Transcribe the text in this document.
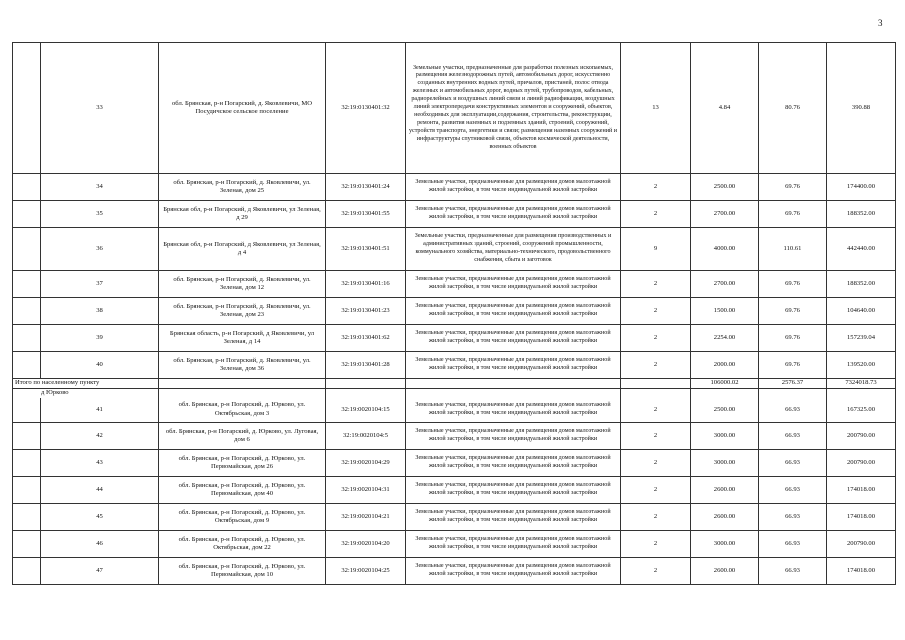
3
	33	обл. Брянская, р-н Погарский, д. Яковлевичи, МО Посудичское сельское поселение	32:19:0130401:32	Земельные участки, предназначенные для разработки полезных ископаемых, размещения железнодорожных путей, автомобильных дорог, искусственно созданных внутренних водных путей, причалов, пристаней, полос отвода железных и автомобильных дорог, водных путей, трубопроводов, кабельных, радиорелейных и воздушных линий связи и линий радиофикации, воздушных линий электропередачи конструктивных элементов и сооружений, объектов, необходимых для эксплуатации,содержания, строительства, реконструкции, ремонта, развития наземных и подземных зданий, строений, сооружений, устройств транспорта, энергетики и связи; размещения наземных сооружений и инфраструктуры спутниковой связи, объектов космической деятельности, военных объектов	13	4.84	80.76	390.88
	34	обл. Брянская, р-н Погарский, д. Яковлевичи, ул. Зеленая, дом 25	32:19:0130401:24	Земельные участки, предназначенные для размещения домов малоэтажной жилой застройки, в том числе индивидуальной жилой застройки	2	2500.00	69.76	174400.00
	35	Брянская обл, р-н Погарский, д Яковлевичи, ул Зеленая, д 29	32:19:0130401:55	Земельные участки, предназначенные для размещения домов малоэтажной жилой застройки, в том числе индивидуальной жилой застройки	2	2700.00	69.76	188352.00
	36	Брянская обл, р-н Погарский, д Яковлевичи, ул Зеленая, д 4	32:19:0130401:51	Земельные участки, предназначенные для размещения производственных и административных зданий, строений, сооружений промышленности, коммунального хозяйства, материально-технического, продовольственного снабжения, сбыта и заготовок	9	4000.00	110.61	442440.00
	37	обл. Брянская, р-н Погарский, д. Яковлевичи, ул. Зеленая, дом 12	32:19:0130401:16	Земельные участки, предназначенные для размещения домов малоэтажной жилой застройки, в том числе индивидуальной жилой застройки	2	2700.00	69.76	188352.00
	38	обл. Брянская, р-н Погарский, д. Яковлевичи, ул. Зеленая, дом 23	32:19:0130401:23	Земельные участки, предназначенные для размещения домов малоэтажной жилой застройки, в том числе индивидуальной жилой застройки	2	1500.00	69.76	104640.00
	39	Брянская область, р-н Погарский, д Яковлевичи, ул Зеленая, д 14	32:19:0130401:62	Земельные участки, предназначенные для размещения домов малоэтажной жилой застройки, в том числе индивидуальной жилой застройки	2	2254.00	69.76	157239.04
	40	обл. Брянская, р-н Погарский, д. Яковлевичи, ул. Зеленая, дом 36	32:19:0130401:28	Земельные участки, предназначенные для размещения домов малоэтажной жилой застройки, в том числе индивидуальной жилой застройки	2	2000.00	69.76	139520.00
Итого по населенному пункту						106000.02	2576.37	7324018.73
д Юрково								
	41	обл. Брянская, р-н Погарский, д. Юрково, ул. Октябрьская, дом 3	32:19:0020104:15	Земельные участки, предназначенные для размещения домов малоэтажной жилой застройки, в том числе индивидуальной жилой застройки	2	2500.00	66.93	167325.00
	42	обл. Брянская, р-н Погарский, д. Юрково, ул. Луговая, дом 6	32:19:0020104:5	Земельные участки, предназначенные для размещения домов малоэтажной жилой застройки, в том числе индивидуальной жилой застройки	2	3000.00	66.93	200790.00
	43	обл. Брянская, р-н Погарский, д. Юрково, ул. Первомайская, дом 26	32:19:0020104:29	Земельные участки, предназначенные для размещения домов малоэтажной жилой застройки, в том числе индивидуальной жилой застройки	2	3000.00	66.93	200790.00
	44	обл. Брянская, р-н Погарский, д. Юрково, ул. Первомайская, дом 40	32:19:0020104:31	Земельные участки, предназначенные для размещения домов малоэтажной жилой застройки, в том числе индивидуальной жилой застройки	2	2600.00	66.93	174018.00
	45	обл. Брянская, р-н Погарский, д. Юрково, ул. Октябрьская, дом 9	32:19:0020104:21	Земельные участки, предназначенные для размещения домов малоэтажной жилой застройки, в том числе индивидуальной жилой застройки	2	2600.00	66.93	174018.00
	46	обл. Брянская, р-н Погарский, д. Юрково, ул. Октябрьская, дом 22	32:19:0020104:20	Земельные участки, предназначенные для размещения домов малоэтажной жилой застройки, в том числе индивидуальной жилой застройки	2	3000.00	66.93	200790.00
	47	обл. Брянская, р-н Погарский, д. Юрково, ул. Первомайская, дом 10	32:19:0020104:25	Земельные участки, предназначенные для размещения домов малоэтажной жилой застройки, в том числе индивидуальной жилой застройки	2	2600.00	66.93	174018.00
